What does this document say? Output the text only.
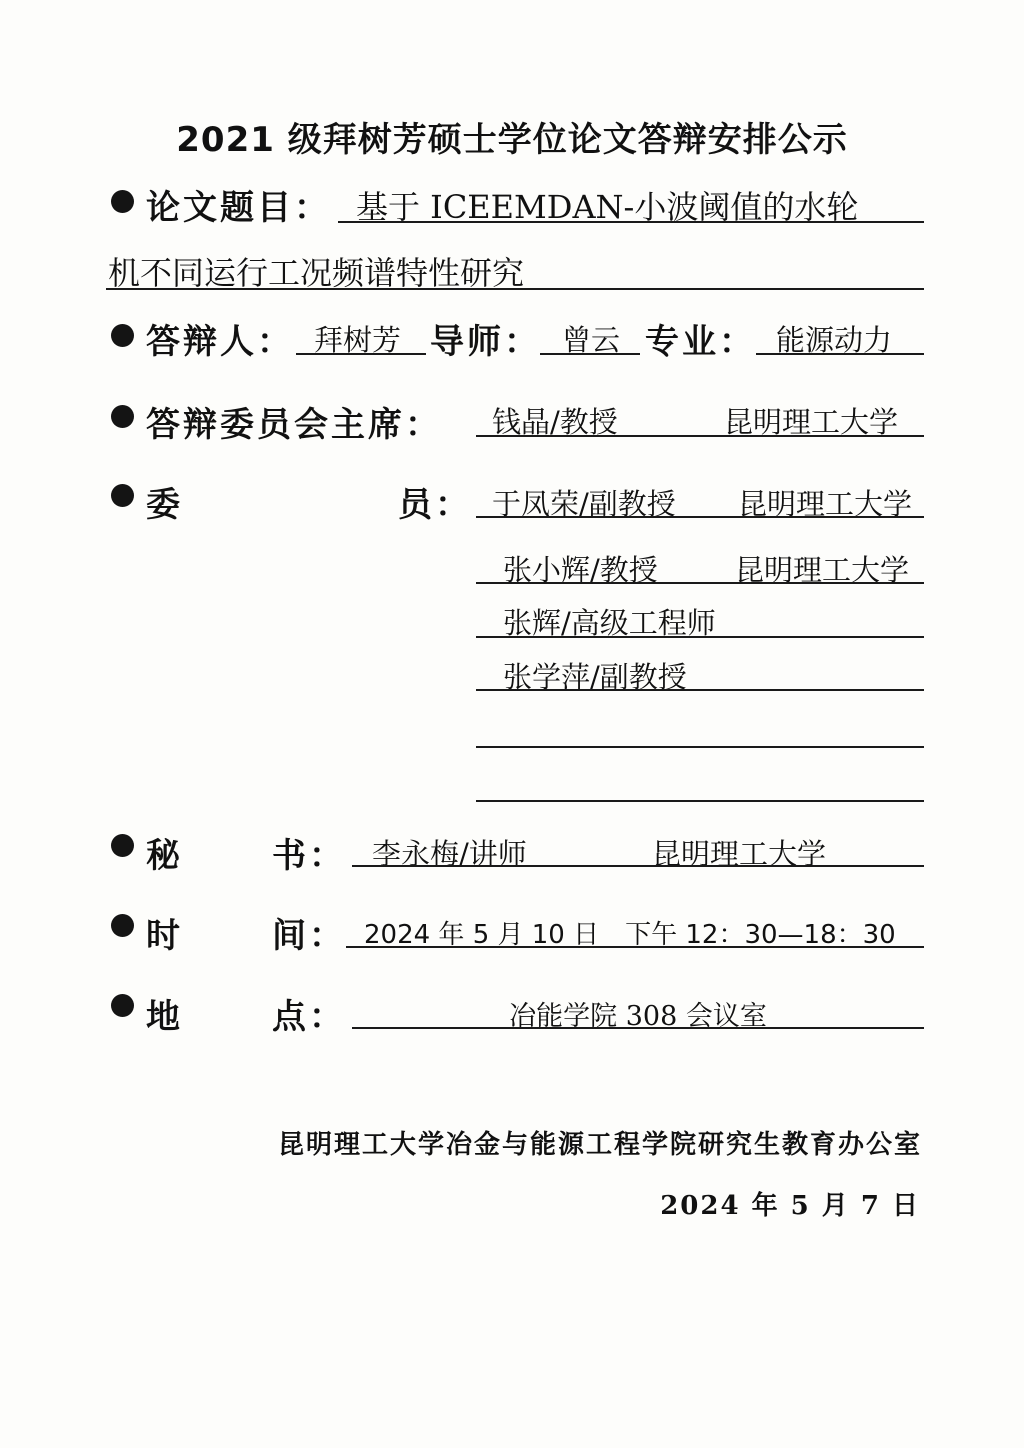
2021 级拜树芳硕士学位论文答辩安排公示
论文题目： 基于 ICEEMDAN-小波阈值的水轮
机不同运行工况频谱特性研究
答辩人： 拜树芳 导师： 曾云 专业： 能源动力
答辩委员会主席： 钱晶/教授	昆明理工大学
委	员： 于凤荣/副教授 昆明理工大学
张小辉/教授	昆明理工大学
张辉/高级工程师
张学萍/副教授
秘	书： 李永梅/讲师	昆明理工大学
时	间： 2024 年 5 月 10 日　下午 12：30—18：30
地	点：	冶能学院 308 会议室
昆明理工大学冶金与能源工程学院研究生教育办公室
2024 年 5 月 7 日
